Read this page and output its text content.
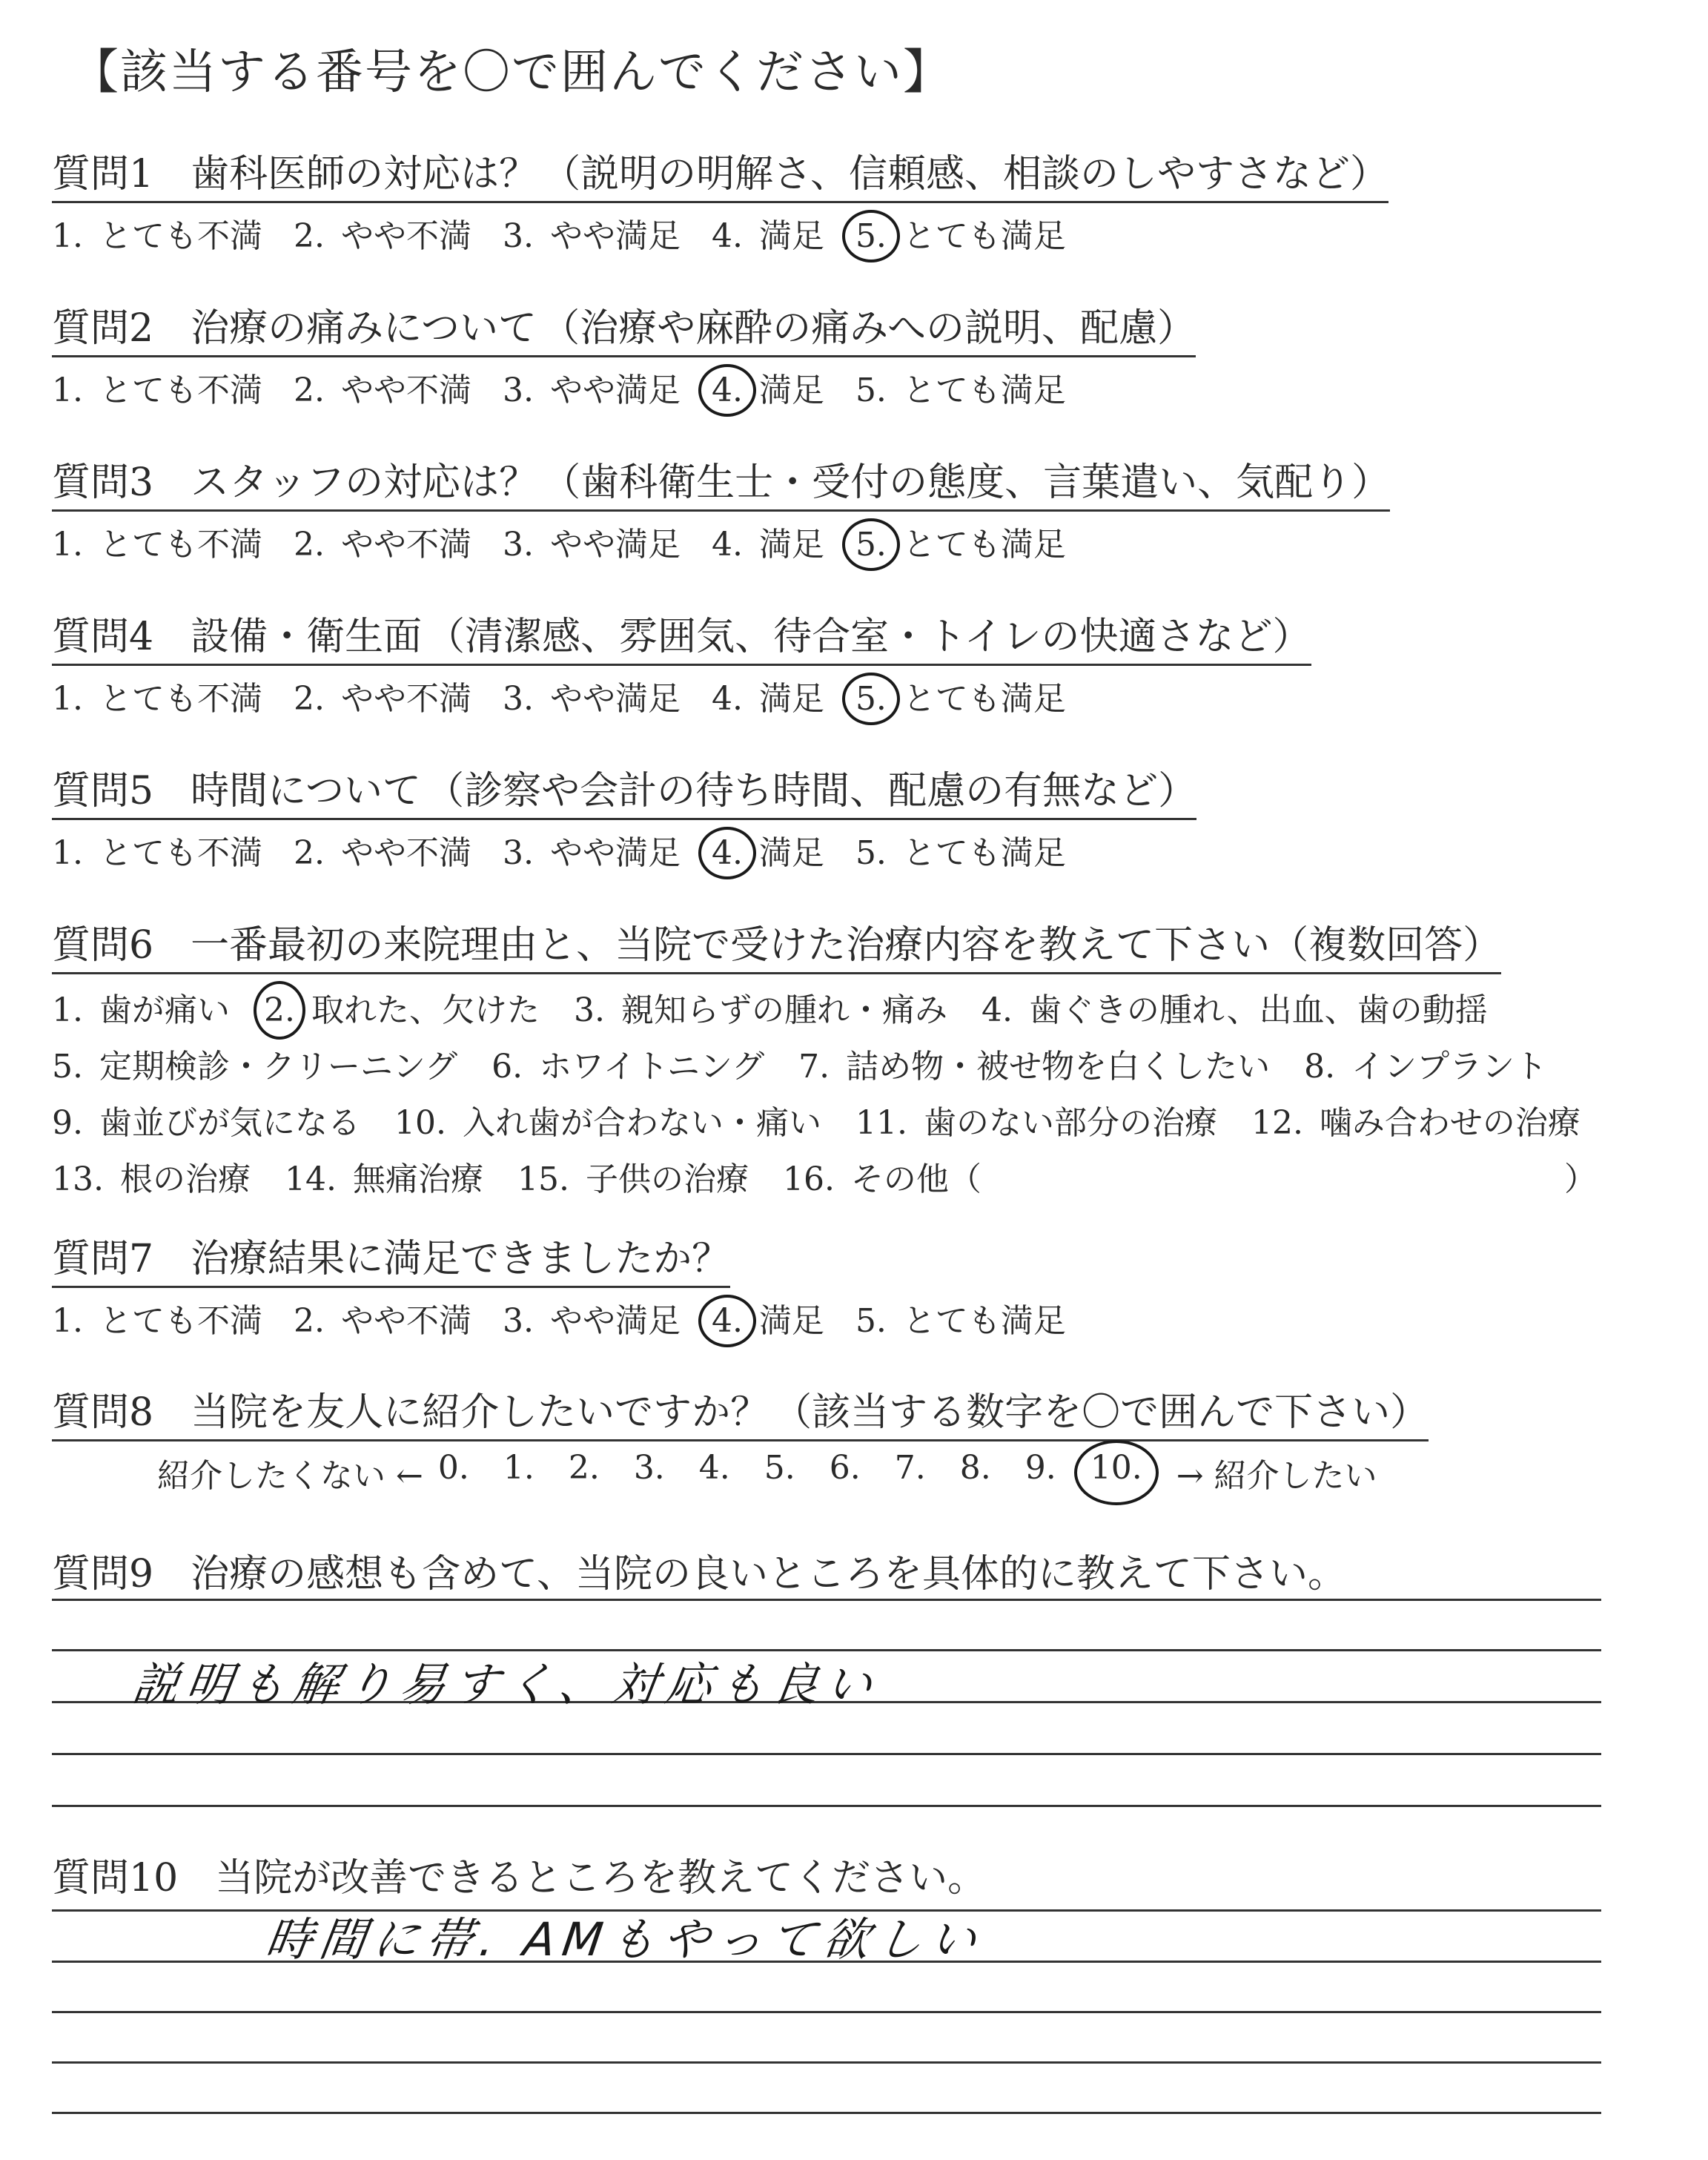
【該当する番号を〇で囲んでください】
質問1 歯科医師の対応は？ （説明の明解さ、信頼感、相談のしやすさなど）
1. とても不満 2. やや不満 3. やや満足 4. 満足 5. とても満足
質問2 治療の痛みについて （治療や麻酔の痛みへの説明、配慮）
1. とても不満 2. やや不満 3. やや満足 4. 満足 5. とても満足
質問3 スタッフの対応は？ （歯科衛生士・受付の態度、言葉遣い、気配り）
1. とても不満 2. やや不満 3. やや満足 4. 満足 5. とても満足
質問4 設備・衛生面 （清潔感、雰囲気、待合室・トイレの快適さなど）
1. とても不満 2. やや不満 3. やや満足 4. 満足 5. とても満足
質問5 時間について （診察や会計の待ち時間、配慮の有無など）
1. とても不満 2. やや不満 3. やや満足 4. 満足 5. とても満足
質問6 一番最初の来院理由と、当院で受けた治療内容を教えて下さい（複数回答）
1. 歯が痛い 2. 取れた、欠けた 3. 親知らずの腫れ・痛み 4. 歯ぐきの腫れ、出血、歯の動揺
5. 定期検診・クリーニング 6. ホワイトニング 7. 詰め物・被せ物を白くしたい 8. インプラント
9. 歯並びが気になる 10. 入れ歯が合わない・痛い 11. 歯のない部分の治療 12. 噛み合わせの治療
13. 根の治療 14. 無痛治療 15. 子供の治療 16. その他（	）
質問7 治療結果に満足できましたか？
1. とても不満 2. やや不満 3. やや満足 4. 満足 5. とても満足
質問8 当院を友人に紹介したいですか？ （該当する数字を〇で囲んで下さい）
紹介したくない ← 0. 1. 2. 3. 4. 5. 6. 7. 8. 9. 10. → 紹介したい
質問9 治療の感想も含めて、当院の良いところを具体的に教えて下さい。
説明も解り易すく、対応も良い
質問10 当院が改善できるところを教えてください。
時間に帯. AMもやって欲しい
